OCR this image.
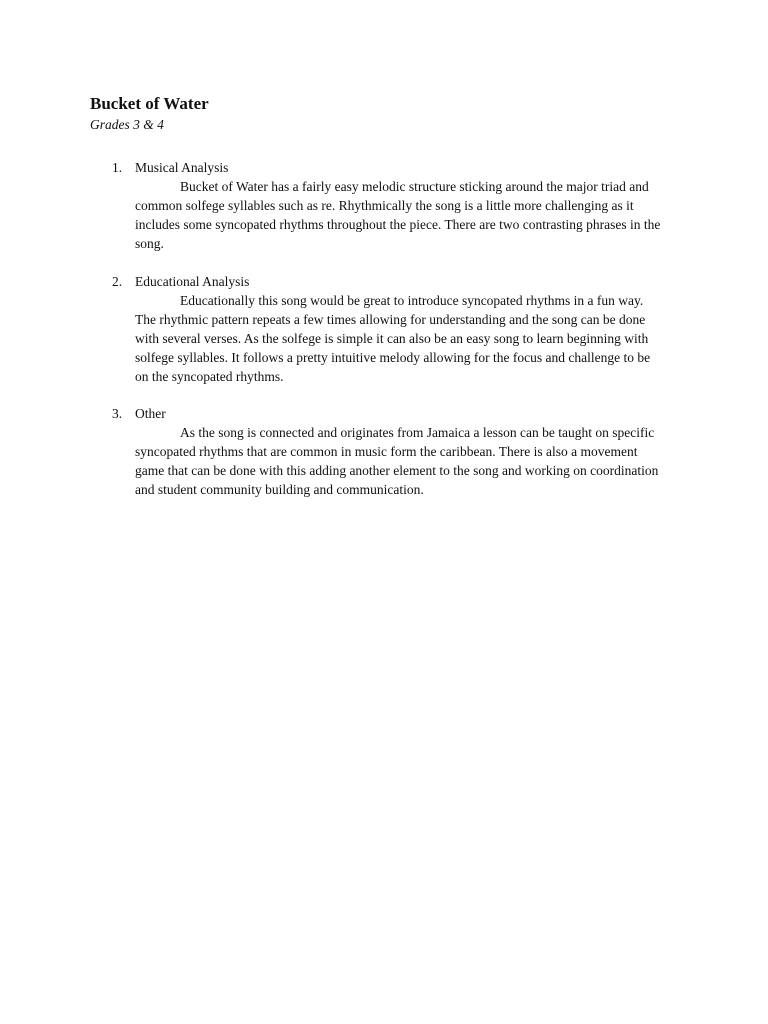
Bucket of Water
Grades 3 & 4
1. Musical Analysis
Bucket of Water has a fairly easy melodic structure sticking around the major triad and
common solfege syllables such as re. Rhythmically the song is a little more challenging as it
includes some syncopated rhythms throughout the piece. There are two contrasting phrases in the
song.
2. Educational Analysis
Educationally this song would be great to introduce syncopated rhythms in a fun way.
The rhythmic pattern repeats a few times allowing for understanding and the song can be done
with several verses. As the solfege is simple it can also be an easy song to learn beginning with
solfege syllables. It follows a pretty intuitive melody allowing for the focus and challenge to be
on the syncopated rhythms.
3. Other
As the song is connected and originates from Jamaica a lesson can be taught on specific
syncopated rhythms that are common in music form the caribbean. There is also a movement
game that can be done with this adding another element to the song and working on coordination
and student community building and communication.
